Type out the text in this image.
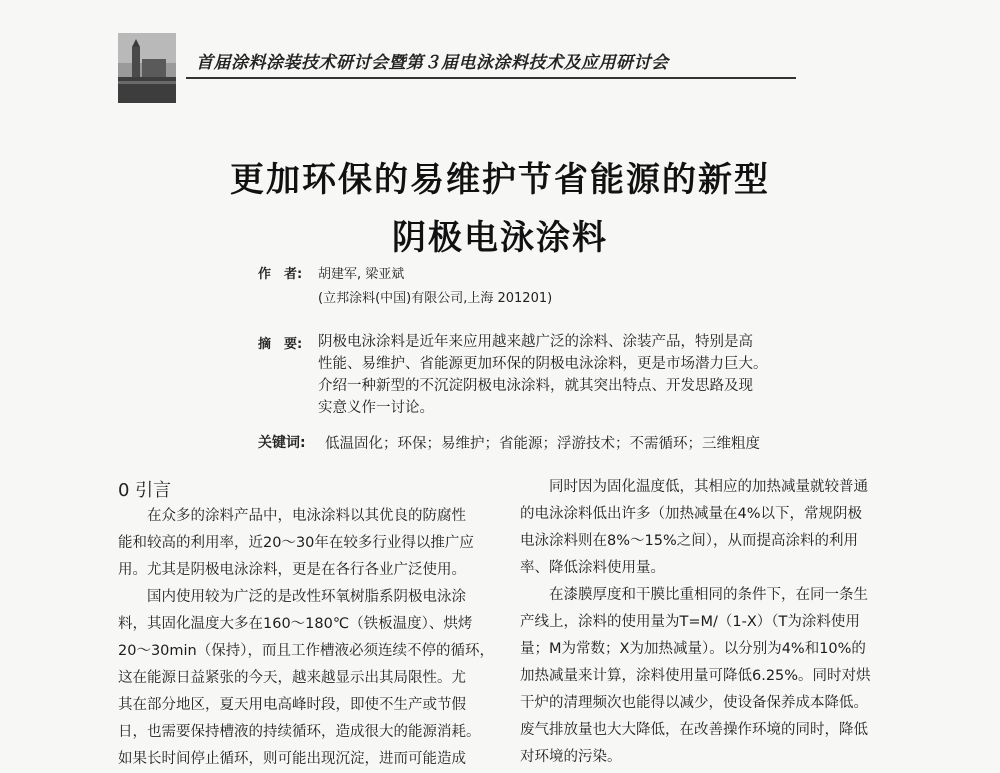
首届涂料涂装技术研讨会暨第３届电泳涂料技术及应用研讨会
更加环保的易维护节省能源的新型
阴极电泳涂料
作　者: 胡建军, 梁亚斌
(立邦涂料(中国)有限公司,上海 201201)
摘　要: 阴极电泳涂料是近年来应用越来越广泛的涂料、涂装产品，特别是高
性能、易维护、省能源更加环保的阴极电泳涂料，更是市场潜力巨大。
介绍一种新型的不沉淀阴极电泳涂料，就其突出特点、开发思路及现
实意义作一讨论。
关键词: 低温固化；环保；易维护；省能源；浮游技术；不需循环；三维粗度
0 引言
　　在众多的涂料产品中，电泳涂料以其优良的防腐性
能和较高的利用率，近20～30年在较多行业得以推广应
用。尤其是阴极电泳涂料，更是在各行各业广泛使用。
　　国内使用较为广泛的是改性环氧树脂系阴极电泳涂
料，其固化温度大多在160～180℃（铁板温度）、烘烤
20～30min（保持），而且工作槽液必须连续不停的循环，
这在能源日益紧张的今天，越来越显示出其局限性。尤
其在部分地区，夏天用电高峰时段，即使不生产或节假
日，也需要保持槽液的持续循环，造成很大的能源消耗。
如果长时间停止循环，则可能出现沉淀，进而可能造成
　　同时因为固化温度低，其相应的加热减量就较普通
的电泳涂料低出许多（加热减量在4%以下，常规阴极
电泳涂料则在8%～15%之间），从而提高涂料的利用
率、降低涂料使用量。
　　在漆膜厚度和干膜比重相同的条件下，在同一条生
产线上，涂料的使用量为T=M/（1-X）（T为涂料使用
量；M为常数；X为加热减量）。以分别为4%和10%的
加热减量来计算，涂料使用量可降低6.25%。同时对烘
干炉的清理频次也能得以减少，使设备保养成本降低。
废气排放量也大大降低，在改善操作环境的同时，降低
对环境的污染。
